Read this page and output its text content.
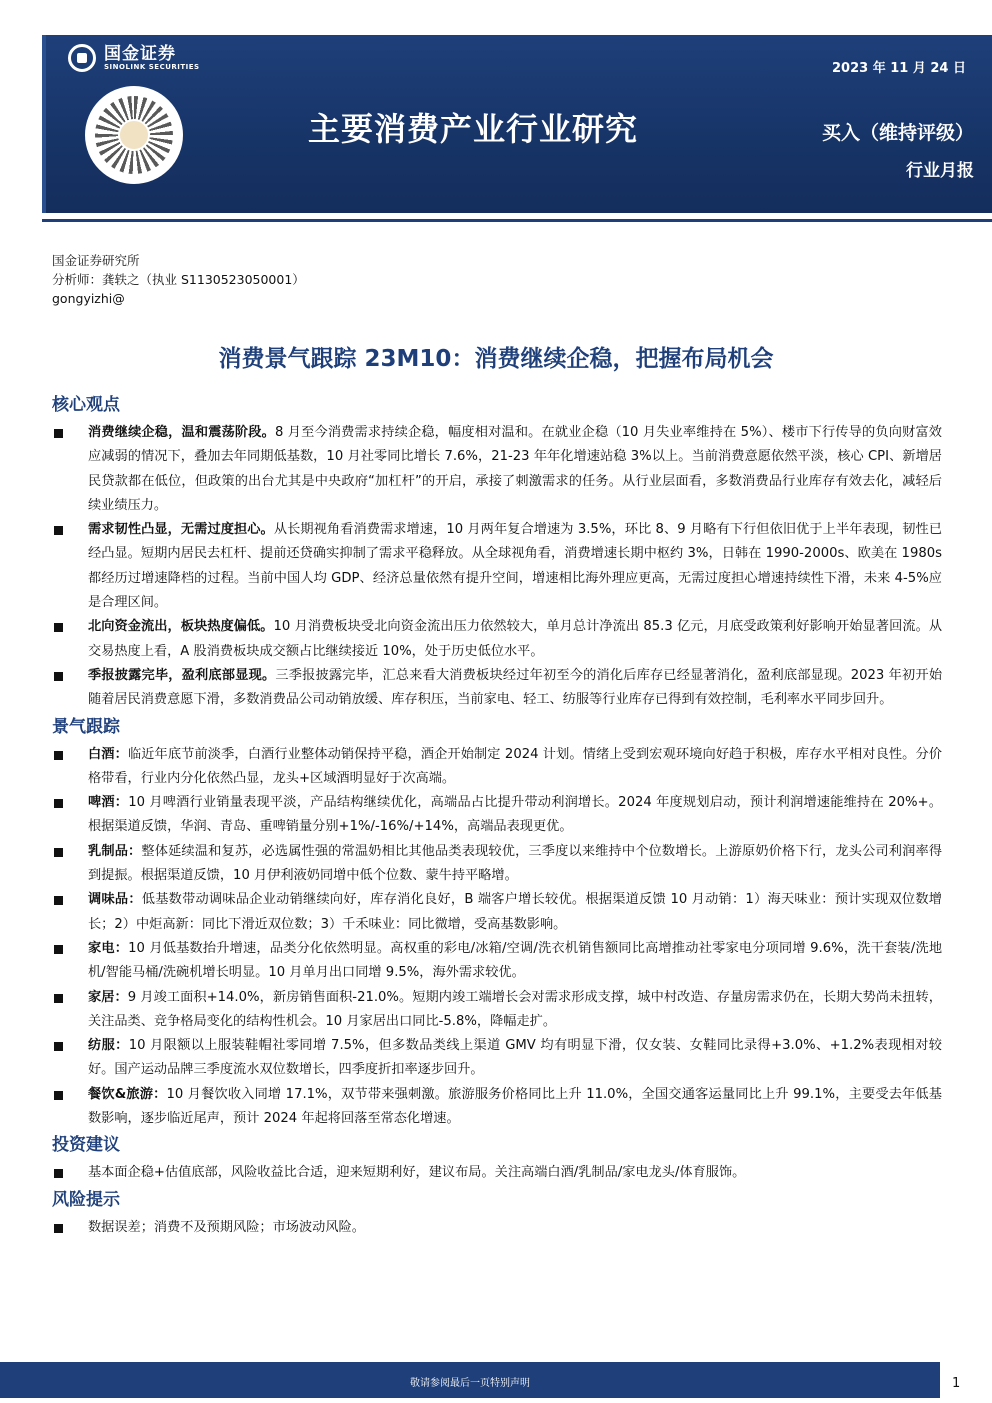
国金证券
SINOLINK SECURITIES	2023 年 11 月 24 日
主要消费产业行业研究	买入（维持评级）
行业月报
国金证券研究所
分析师：龚轶之（执业 S1130523050001）
gongyizhi@
消费景气跟踪 23M10：消费继续企稳，把握布局机会
核心观点

消费继续企稳，温和震荡阶段。8 月至今消费需求持续企稳，幅度相对温和。在就业企稳（10 月失业率维持在 5%）、楼市下行传导的负向财富效应减弱的情况下，叠加去年同期低基数，10 月社零同比增长 7.6%，21-23 年年化增速站稳 3%以上。当前消费意愿依然平淡，核心 CPI、新增居民贷款都在低位，但政策的出台尤其是中央政府“加杠杆”的开启，承接了刺激需求的任务。从行业层面看，多数消费品行业库存有效去化，减轻后续业绩压力。

需求韧性凸显，无需过度担心。从长期视角看消费需求增速，10 月两年复合增速为 3.5%，环比 8、9 月略有下行但依旧优于上半年表现，韧性已经凸显。短期内居民去杠杆、提前还贷确实抑制了需求平稳释放。从全球视角看，消费增速长期中枢约 3%，日韩在 1990-2000s、欧美在 1980s 都经历过增速降档的过程。当前中国人均 GDP、经济总量依然有提升空间，增速相比海外理应更高，无需过度担心增速持续性下滑，未来 4-5%应是合理区间。

北向资金流出，板块热度偏低。10 月消费板块受北向资金流出压力依然较大，单月总计净流出 85.3 亿元，月底受政策利好影响开始显著回流。从交易热度上看，A 股消费板块成交额占比继续接近 10%，处于历史低位水平。

季报披露完毕，盈利底部显现。三季报披露完毕，汇总来看大消费板块经过年初至今的消化后库存已经显著消化，盈利底部显现。2023 年初开始随着居民消费意愿下滑，多数消费品公司动销放缓、库存积压，当前家电、轻工、纺服等行业库存已得到有效控制，毛利率水平同步回升。

景气跟踪

白酒：临近年底节前淡季，白酒行业整体动销保持平稳，酒企开始制定 2024 计划。情绪上受到宏观环境向好趋于积极，库存水平相对良性。分价格带看，行业内分化依然凸显，龙头+区域酒明显好于次高端。

啤酒：10 月啤酒行业销量表现平淡，产品结构继续优化，高端品占比提升带动利润增长。2024 年度规划启动，预计利润增速能维持在 20%+。根据渠道反馈，华润、青岛、重啤销量分别+1%/-16%/+14%，高端品表现更优。

乳制品：整体延续温和复苏，必选属性强的常温奶相比其他品类表现较优，三季度以来维持中个位数增长。上游原奶价格下行，龙头公司利润率得到提振。根据渠道反馈，10 月伊利液奶同增中低个位数、蒙牛持平略增。

调味品：低基数带动调味品企业动销继续向好，库存消化良好，B 端客户增长较优。根据渠道反馈 10 月动销：1）海天味业：预计实现双位数增长；2）中炬高新：同比下滑近双位数；3）千禾味业：同比微增，受高基数影响。

家电：10 月低基数抬升增速，品类分化依然明显。高权重的彩电/冰箱/空调/洗衣机销售额同比高增推动社零家电分项同增 9.6%，洗干套装/洗地机/智能马桶/洗碗机增长明显。10 月单月出口同增 9.5%，海外需求较优。

家居：9 月竣工面积+14.0%，新房销售面积-21.0%。短期内竣工端增长会对需求形成支撑，城中村改造、存量房需求仍在，长期大势尚未扭转，关注品类、竞争格局变化的结构性机会。10 月家居出口同比-5.8%，降幅走扩。

纺服：10 月限额以上服装鞋帽社零同增 7.5%，但多数品类线上渠道 GMV 均有明显下滑，仅女装、女鞋同比录得+3.0%、+1.2%表现相对较好。国产运动品牌三季度流水双位数增长，四季度折扣率逐步回升。

餐饮&旅游：10 月餐饮收入同增 17.1%，双节带来强刺激。旅游服务价格同比上升 11.0%，全国交通客运量同比上升 99.1%，主要受去年低基数影响，逐步临近尾声，预计 2024 年起将回落至常态化增速。

投资建议

基本面企稳+估值底部，风险收益比合适，迎来短期利好，建议布局。关注高端白酒/乳制品/家电龙头/体育服饰。

风险提示

数据误差；消费不及预期风险；市场波动风险。

敬请参阅最后一页特别声明	1
